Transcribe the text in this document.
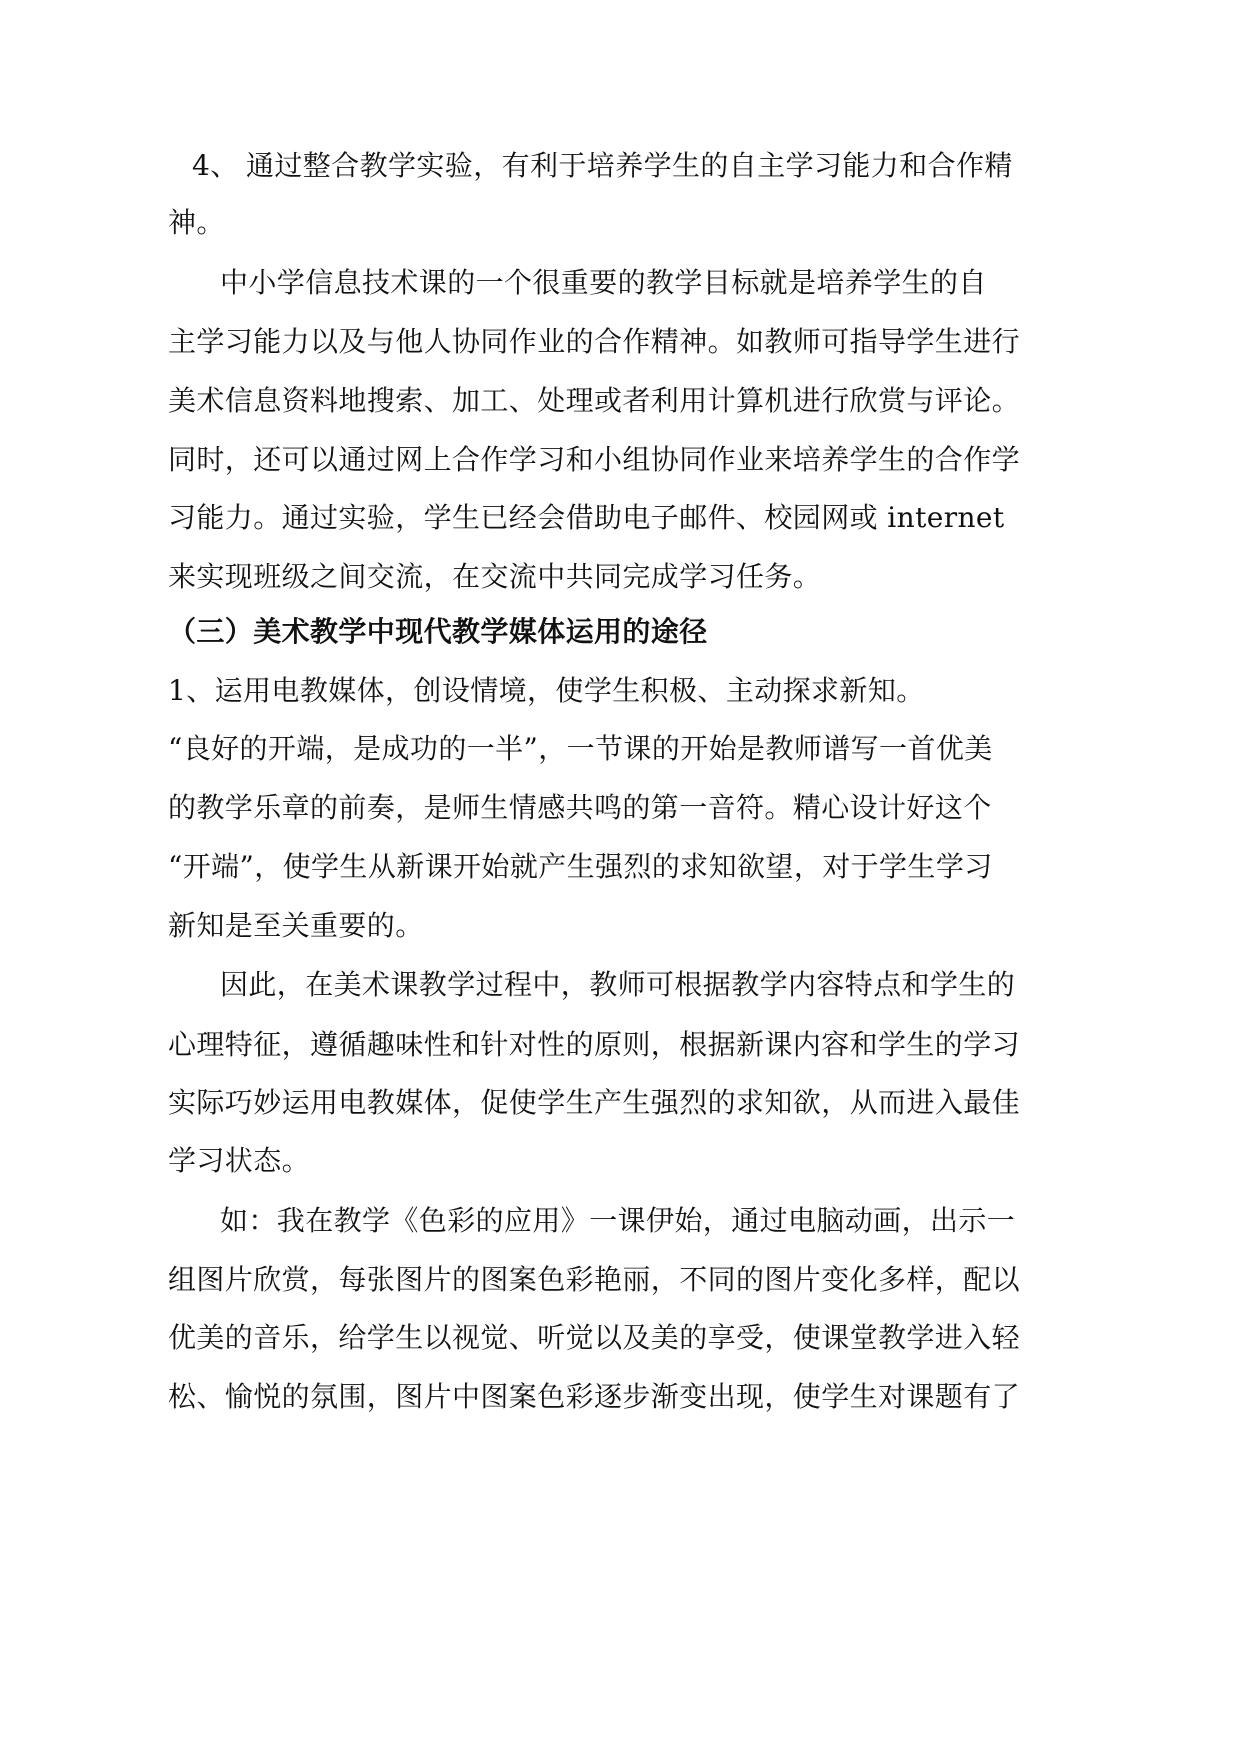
4、 通过整合教学实验，有利于培养学生的自主学习能力和合作精
神。
中小学信息技术课的一个很重要的教学目标就是培养学生的自
主学习能力以及与他人协同作业的合作精神。如教师可指导学生进行
美术信息资料地搜索、加工、处理或者利用计算机进行欣赏与评论。
同时，还可以通过网上合作学习和小组协同作业来培养学生的合作学
习能力。通过实验，学生已经会借助电子邮件、校园网或 internet
来实现班级之间交流，在交流中共同完成学习任务。
（三）美术教学中现代教学媒体运用的途径
1、运用电教媒体，创设情境，使学生积极、主动探求新知。
“良好的开端，是成功的一半”，一节课的开始是教师谱写一首优美
的教学乐章的前奏，是师生情感共鸣的第一音符。精心设计好这个
“开端”，使学生从新课开始就产生强烈的求知欲望，对于学生学习
新知是至关重要的。
因此，在美术课教学过程中，教师可根据教学内容特点和学生的
心理特征，遵循趣味性和针对性的原则，根据新课内容和学生的学习
实际巧妙运用电教媒体，促使学生产生强烈的求知欲，从而进入最佳
学习状态。
如：我在教学《色彩的应用》一课伊始，通过电脑动画，出示一
组图片欣赏，每张图片的图案色彩艳丽，不同的图片变化多样，配以
优美的音乐，给学生以视觉、听觉以及美的享受，使课堂教学进入轻
松、愉悦的氛围，图片中图案色彩逐步渐变出现，使学生对课题有了
